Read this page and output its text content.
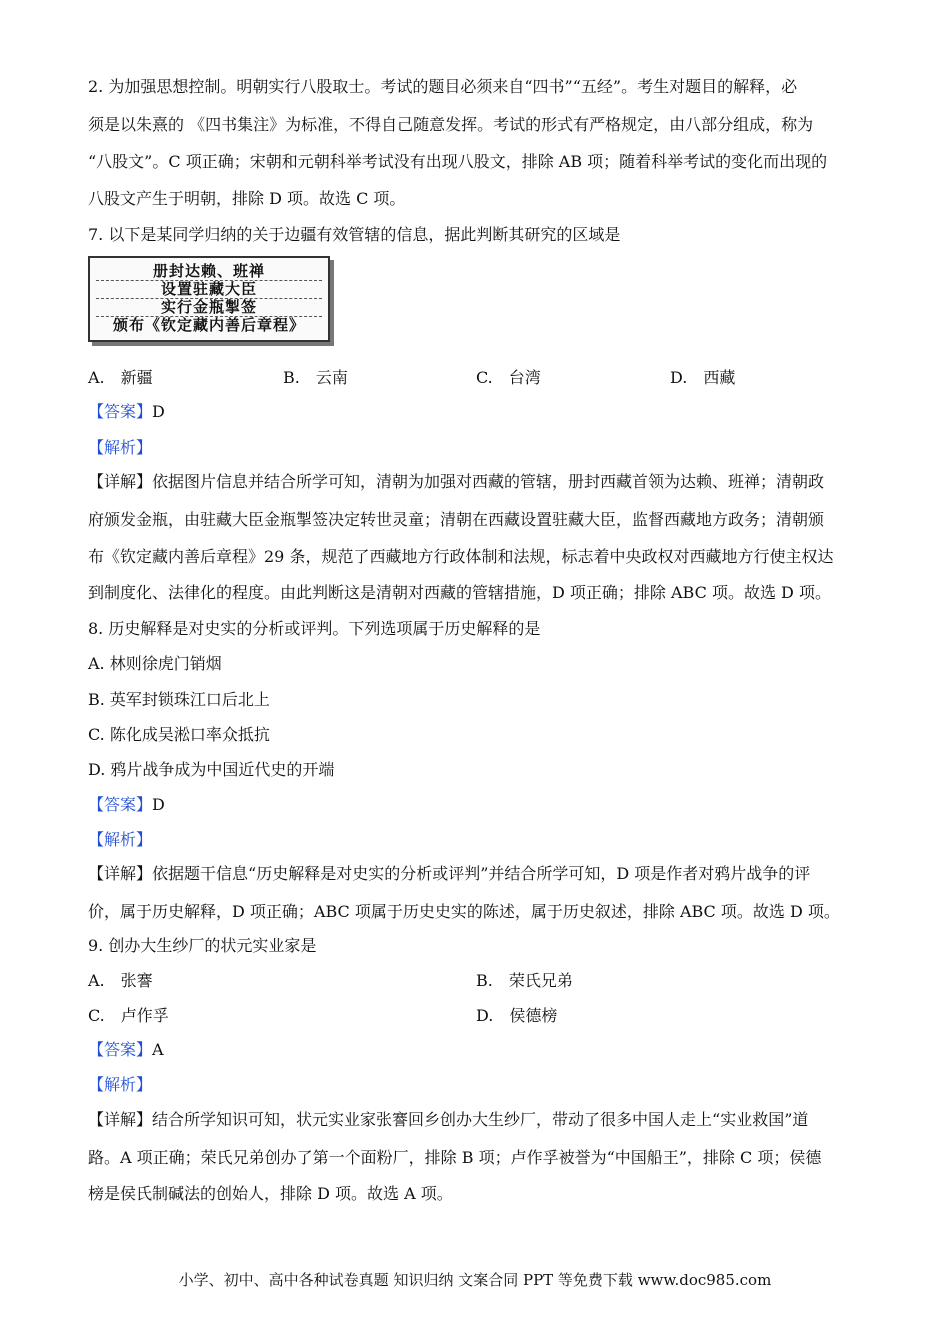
2. 为加强思想控制。明朝实行八股取士。考试的题目必须来自“四书”“五经”。考生对题目的解释，必
须是以朱熹的 《四书集注》为标准，不得自己随意发挥。考试的形式有严格规定，由八部分组成，称为
“八股文”。C 项正确；宋朝和元朝科举考试没有出现八股文，排除 AB 项；随着科举考试的变化而出现的
八股文产生于明朝，排除 D 项。故选 C 项。
7. 以下是某同学归纳的关于边疆有效管辖的信息，据此判断其研究的区域是
册封达赖、班禅
设置驻藏大臣
实行金瓶掣签
颁布《钦定藏内善后章程》
A.　新疆	B.　云南	C.　台湾	D.　西藏
【答案】D
【解析】
【详解】依据图片信息并结合所学可知，清朝为加强对西藏的管辖，册封西藏首领为达赖、班禅；清朝政
府颁发金瓶，由驻藏大臣金瓶掣签决定转世灵童；清朝在西藏设置驻藏大臣，监督西藏地方政务；清朝颁
布《钦定藏内善后章程》29 条，规范了西藏地方行政体制和法规，标志着中央政权对西藏地方行使主权达
到制度化、法律化的程度。由此判断这是清朝对西藏的管辖措施，D 项正确；排除 ABC 项。故选 D 项。
8. 历史解释是对史实的分析或评判。下列选项属于历史解释的是
A. 林则徐虎门销烟
B. 英军封锁珠江口后北上
C. 陈化成吴淞口率众抵抗
D. 鸦片战争成为中国近代史的开端
【答案】D
【解析】
【详解】依据题干信息“历史解释是对史实的分析或评判”并结合所学可知，D 项是作者对鸦片战争的评
价，属于历史解释，D 项正确；ABC 项属于历史史实的陈述，属于历史叙述，排除 ABC 项。故选 D 项。
9. 创办大生纱厂的状元实业家是
A.　张謇	B.　荣氏兄弟
C.　卢作孚	D.　侯德榜
【答案】A
【解析】
【详解】结合所学知识可知，状元实业家张謇回乡创办大生纱厂，带动了很多中国人走上“实业救国”道
路。A 项正确；荣氏兄弟创办了第一个面粉厂，排除 B 项；卢作孚被誉为“中国船王”，排除 C 项；侯德
榜是侯氏制碱法的创始人，排除 D 项。故选 A 项。
小学、初中、高中各种试卷真题 知识归纳 文案合同 PPT 等免费下载 www.doc985.com
